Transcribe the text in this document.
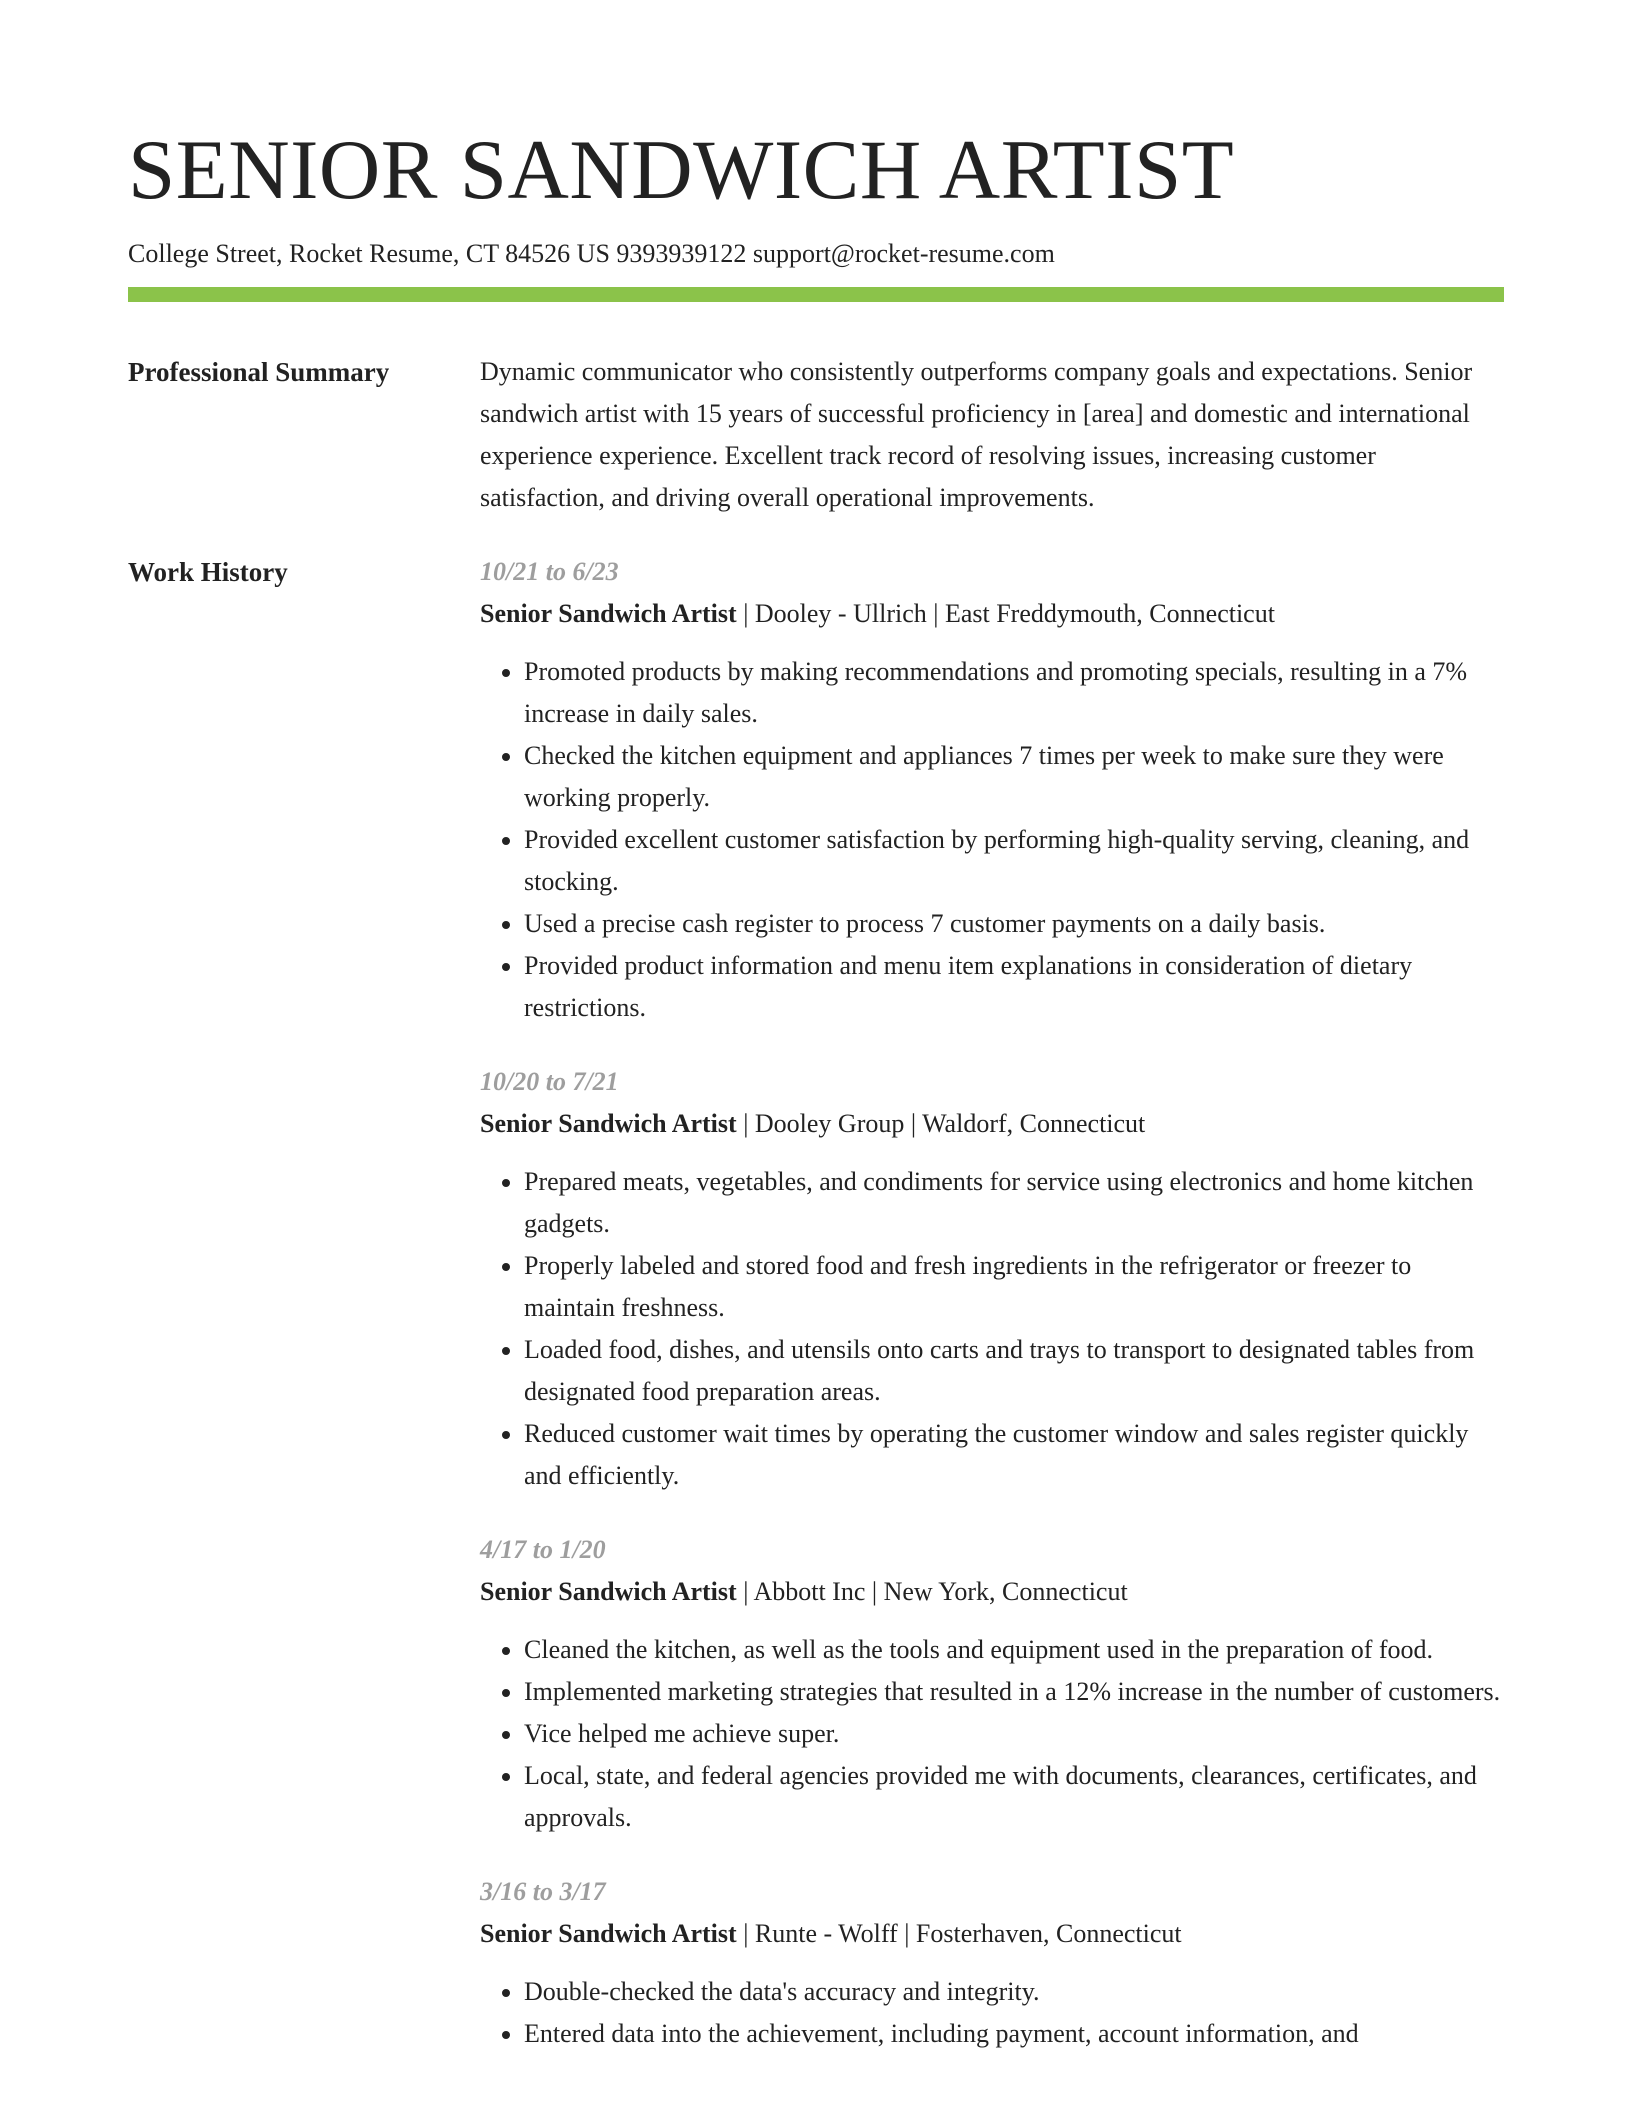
SENIOR SANDWICH ARTIST
College Street, Rocket Resume, CT 84526 US 9393939122 support@rocket-resume.com
Professional Summary	Dynamic communicator who consistently outperforms company goals and expectations. Senior sandwich artist with 15 years of successful proficiency in [area] and domestic and international experience experience. Excellent track record of resolving issues, increasing customer satisfaction, and driving overall operational improvements.

Work History	10/21 to 6/23
Senior Sandwich Artist | Dooley - Ullrich | East Freddymouth, Connecticut
• Promoted products by making recommendations and promoting specials, resulting in a 7% increase in daily sales.
• Checked the kitchen equipment and appliances 7 times per week to make sure they were working properly.
• Provided excellent customer satisfaction by performing high-quality serving, cleaning, and stocking.
• Used a precise cash register to process 7 customer payments on a daily basis.
• Provided product information and menu item explanations in consideration of dietary restrictions.
10/20 to 7/21
Senior Sandwich Artist | Dooley Group | Waldorf, Connecticut
• Prepared meats, vegetables, and condiments for service using electronics and home kitchen gadgets.
• Properly labeled and stored food and fresh ingredients in the refrigerator or freezer to maintain freshness.
• Loaded food, dishes, and utensils onto carts and trays to transport to designated tables from designated food preparation areas.
• Reduced customer wait times by operating the customer window and sales register quickly and efficiently.
4/17 to 1/20
Senior Sandwich Artist | Abbott Inc | New York, Connecticut
• Cleaned the kitchen, as well as the tools and equipment used in the preparation of food.
• Implemented marketing strategies that resulted in a 12% increase in the number of customers.
• Vice helped me achieve super.
• Local, state, and federal agencies provided me with documents, clearances, certificates, and approvals.
3/16 to 3/17
Senior Sandwich Artist | Runte - Wolff | Fosterhaven, Connecticut
• Double-checked the data's accuracy and integrity.
• Entered data into the achievement, including payment, account information, and
